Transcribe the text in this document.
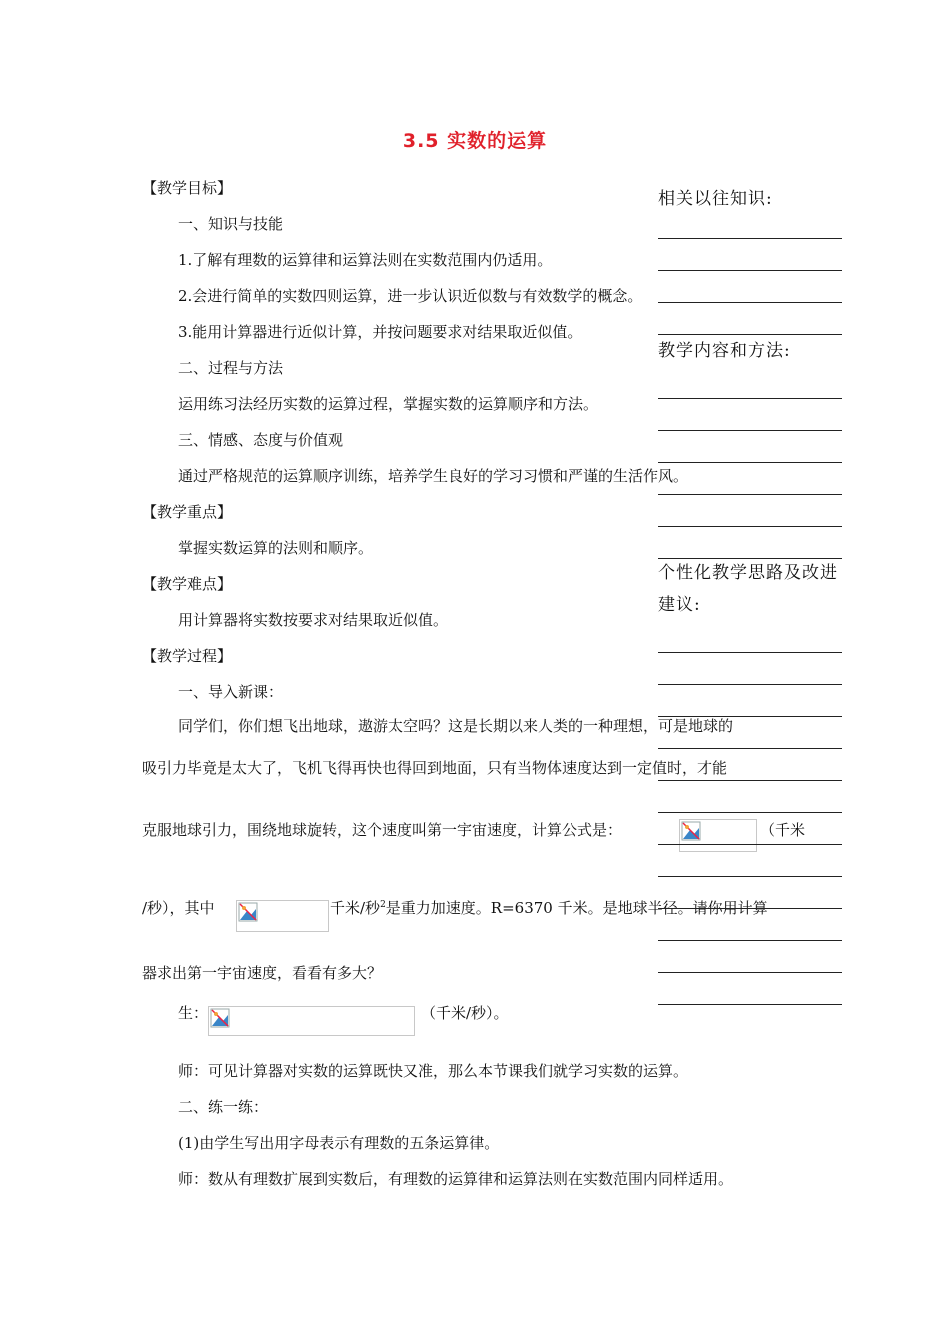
3.5 实数的运算
【教学目标】
一、知识与技能
1.了解有理数的运算律和运算法则在实数范围内仍适用。
2.会进行简单的实数四则运算，进一步认识近似数与有效数学的概念。
3.能用计算器进行近似计算，并按问题要求对结果取近似值。
二、过程与方法
运用练习法经历实数的运算过程，掌握实数的运算顺序和方法。
三、情感、态度与价值观
通过严格规范的运算顺序训练，培养学生良好的学习习惯和严谨的生活作风。
【教学重点】
掌握实数运算的法则和顺序。
【教学难点】
用计算器将实数按要求对结果取近似值。
【教学过程】
一、导入新课：
同学们，你们想飞出地球，遨游太空吗？这是长期以来人类的一种理想，可是地球的
吸引力毕竟是太大了，飞机飞得再快也得回到地面，只有当物体速度达到一定值时，才能
克服地球引力，围绕地球旋转，这个速度叫第一宇宙速度，计算公式是：	（千米
/秒），其中	千米/秒$^2$是重力加速度。R=6370 千米。是地球半径。请你用计算
器求出第一宇宙速度，看看有多大？
生：	（千米/秒）。
师：可见计算器对实数的运算既快又准，那么本节课我们就学习实数的运算。
二、练一练：
(1)由学生写出用字母表示有理数的五条运算律。
师：数从有理数扩展到实数后，有理数的运算律和运算法则在实数范围内同样适用。
相关以往知识:
教学内容和方法:
个性化教学思路及改进
建议:
